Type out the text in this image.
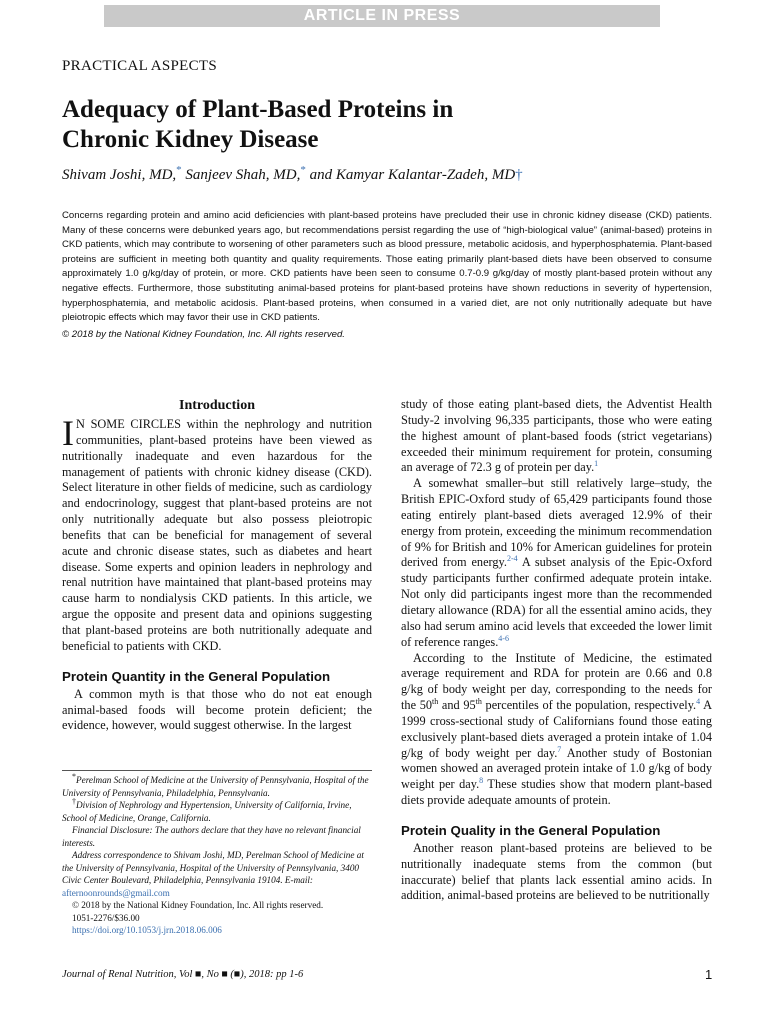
ARTICLE IN PRESS
PRACTICAL ASPECTS
Adequacy of Plant-Based Proteins in
Chronic Kidney Disease
Shivam Joshi, MD,* Sanjeev Shah, MD,* and Kamyar Kalantar-Zadeh, MD†

Concerns regarding protein and amino acid deficiencies with plant-based proteins have precluded their use in chronic kidney disease (CKD) patients. Many of these concerns were debunked years ago, but recommendations persist regarding the use of “high-biological value” (animal-based) proteins in CKD patients, which may contribute to worsening of other parameters such as blood pressure, metabolic acidosis, and hyperphosphatemia. Plant-based proteins are sufficient in meeting both quantity and quality requirements. Those eating primarily plant-based diets have been observed to consume approximately 1.0 g/kg/day of protein, or more. CKD patients have been seen to consume 0.7-0.9 g/kg/day of mostly plant-based protein without any negative effects. Furthermore, those substituting animal-based proteins for plant-based proteins have shown reductions in severity of hypertension, hyperphosphatemia, and metabolic acidosis. Plant-based proteins, when consumed in a varied diet, are not only nutritionally adequate but have pleiotropic effects which may favor their use in CKD patients.

© 2018 by the National Kidney Foundation, Inc. All rights reserved.

Introduction

I N SOME CIRCLES within the nephrology and nutrition communities, plant-based proteins have been viewed as nutritionally inadequate and even hazardous for the management of patients with chronic kidney disease (CKD). Select literature in other fields of medicine, such as cardiology and endocrinology, suggest that plant-based proteins are not only nutritionally adequate but also possess pleiotropic benefits that can be beneficial for management of several acute and chronic disease states, such as diabetes and heart disease. Some experts and opinion leaders in nephrology and renal nutrition have maintained that plant-based proteins may cause harm to nondialysis CKD patients. In this article, we argue the opposite and present data and opinions suggesting that plant-based proteins are both nutritionally adequate and beneficial to patients with CKD.

Protein Quantity in the General Population

A common myth is that those who do not eat enough animal-based foods will become protein deficient; the evidence, however, would suggest otherwise. In the largest

*Perelman School of Medicine at the University of Pennsylvania, Hospital of the University of Pennsylvania, Philadelphia, Pennsylvania.

†Division of Nephrology and Hypertension, University of California, Irvine, School of Medicine, Orange, California.

Financial Disclosure: The authors declare that they have no relevant financial interests.

Address correspondence to Shivam Joshi, MD, Perelman School of Medicine at the University of Pennsylvania, Hospital of the University of Pennsylvania, 3400 Civic Center Boulevard, Philadelphia, Pennsylvania 19104. E-mail: afternoonrounds@gmail.com

© 2018 by the National Kidney Foundation, Inc. All rights reserved.

1051-2276/$36.00

https://doi.org/10.1053/j.jrn.2018.06.006

study of those eating plant-based diets, the Adventist Health Study-2 involving 96,335 participants, those who were eating the highest amount of plant-based foods (strict vegetarians) exceeded their minimum requirement for protein, consuming an average of 72.3 g of protein per day.$^1$

A somewhat smaller–but still relatively large–study, the British EPIC-Oxford study of 65,429 participants found those eating entirely plant-based diets averaged 12.9% of their energy from protein, exceeding the minimum recommendation of 9% for British and 10% for American guidelines for protein derived from energy.$^{2-4}$ A subset analysis of the Epic-Oxford study participants further confirmed adequate protein intake. Not only did participants ingest more than the recommended dietary allowance (RDA) for all the essential amino acids, they also had serum amino acid levels that exceeded the lower limit of reference ranges.$^{4-6}$

According to the Institute of Medicine, the estimated average requirement and RDA for protein are 0.66 and 0.8 g/kg of body weight per day, corresponding to the needs for the 50th and 95th percentiles of the population, respectively.$^4$ A 1999 cross-sectional study of Californians found those eating exclusively plant-based diets averaged a protein intake of 1.04 g/kg of body weight per day.$^7$ Another study of Bostonian women showed an averaged protein intake of 1.0 g/kg of body weight per day.$^8$ These studies show that modern plant-based diets provide adequate amounts of protein.

Protein Quality in the General Population

Another reason plant-based proteins are believed to be nutritionally inadequate stems from the common (but inaccurate) belief that plants lack essential amino acids. In addition, animal-based proteins are believed to be nutritionally

Journal of Renal Nutrition, Vol ■, No ■ (■), 2018: pp 1-6	1
